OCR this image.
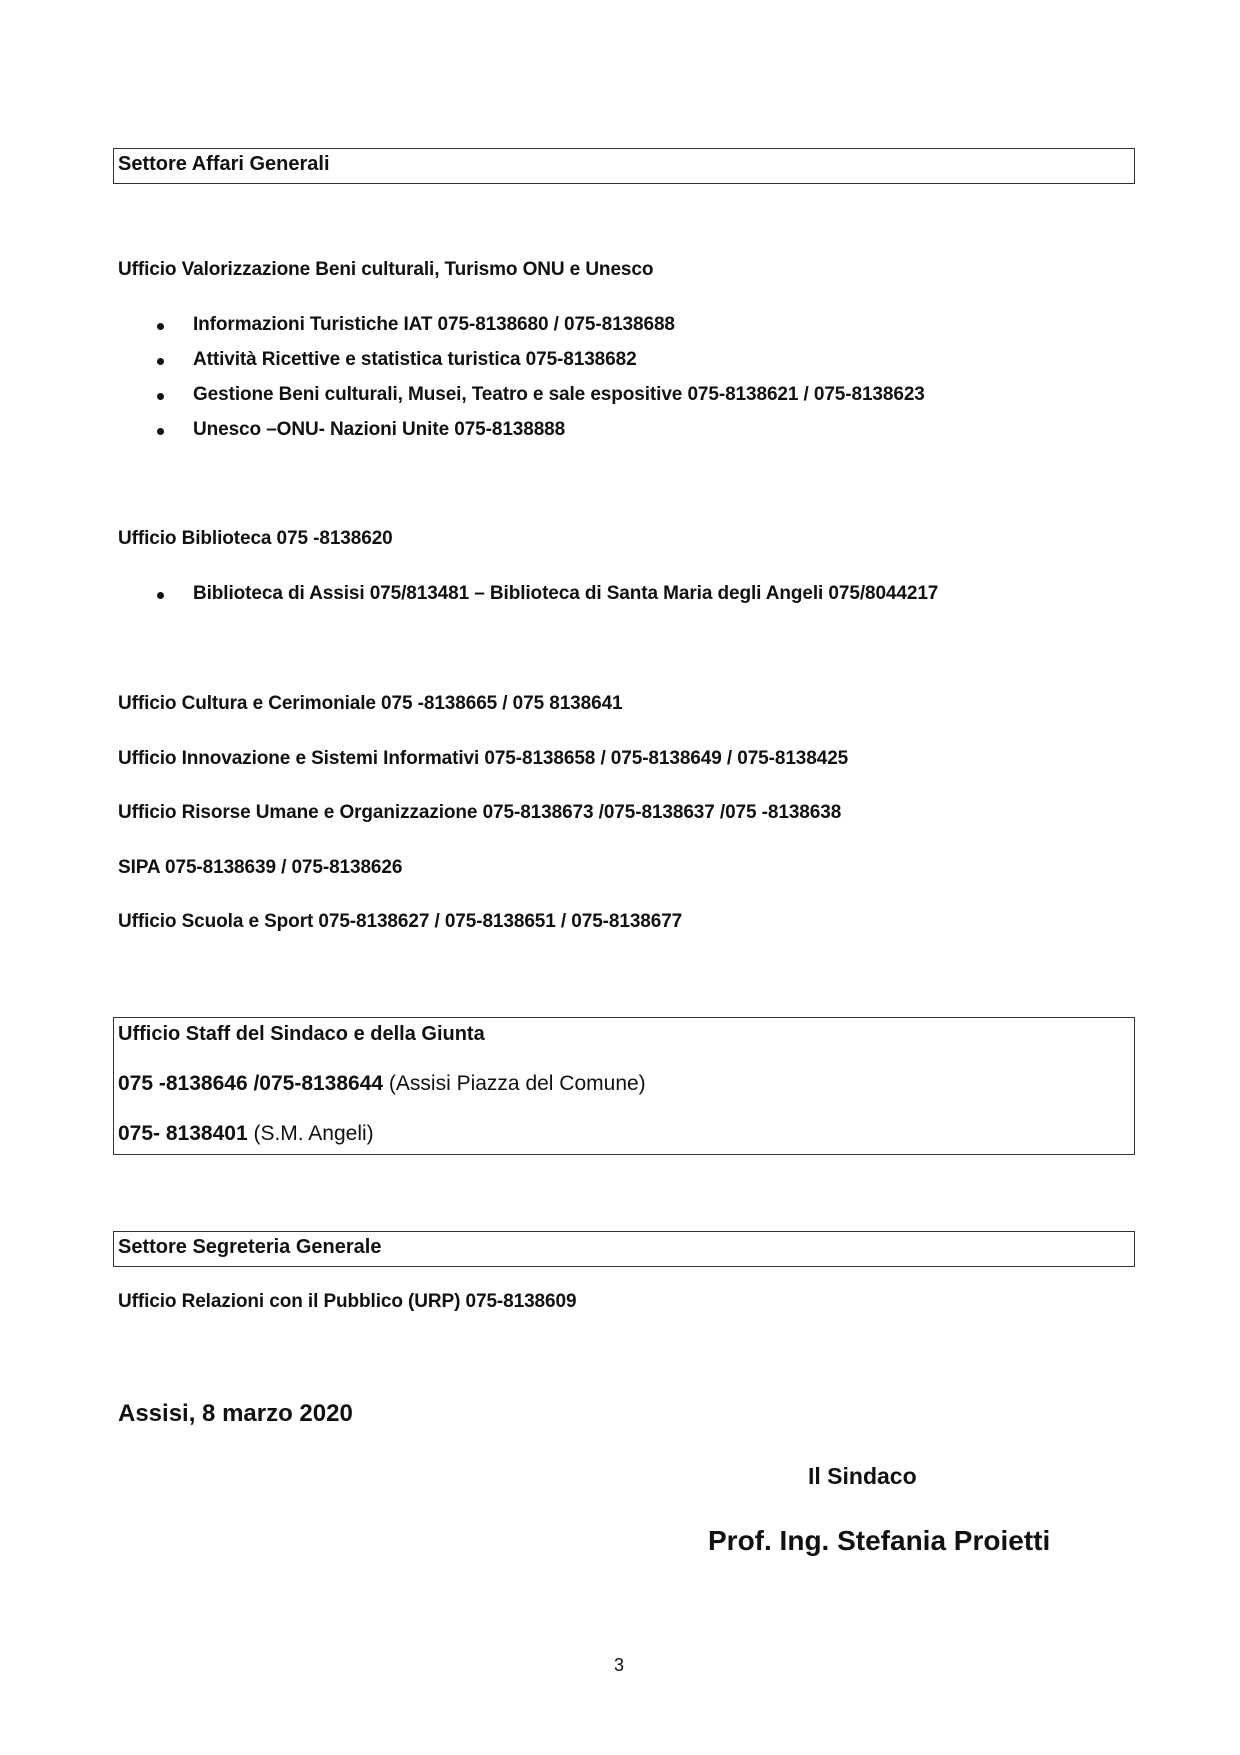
Settore Affari Generali
Ufficio Valorizzazione Beni culturali, Turismo ONU e Unesco
Informazioni Turistiche IAT 075-8138680 / 075-8138688
Attività Ricettive e statistica turistica 075-8138682
Gestione Beni culturali, Musei, Teatro e sale espositive 075-8138621 / 075-8138623
Unesco –ONU- Nazioni Unite 075-8138888
Ufficio Biblioteca 075 -8138620
Biblioteca di Assisi 075/813481 – Biblioteca di Santa Maria degli Angeli 075/8044217
Ufficio Cultura e Cerimoniale 075 -8138665 / 075 8138641
Ufficio Innovazione e Sistemi Informativi 075-8138658 / 075-8138649 / 075-8138425
Ufficio Risorse Umane e Organizzazione 075-8138673 /075-8138637 /075 -8138638
SIPA 075-8138639 / 075-8138626
Ufficio Scuola e Sport 075-8138627 / 075-8138651 / 075-8138677
Ufficio Staff del Sindaco e della Giunta
075 -8138646 /075-8138644 (Assisi Piazza del Comune)
075- 8138401 (S.M. Angeli)
Settore Segreteria Generale
Ufficio Relazioni con il Pubblico (URP) 075-8138609
Assisi, 8 marzo 2020
Il Sindaco
Prof. Ing. Stefania Proietti
3
